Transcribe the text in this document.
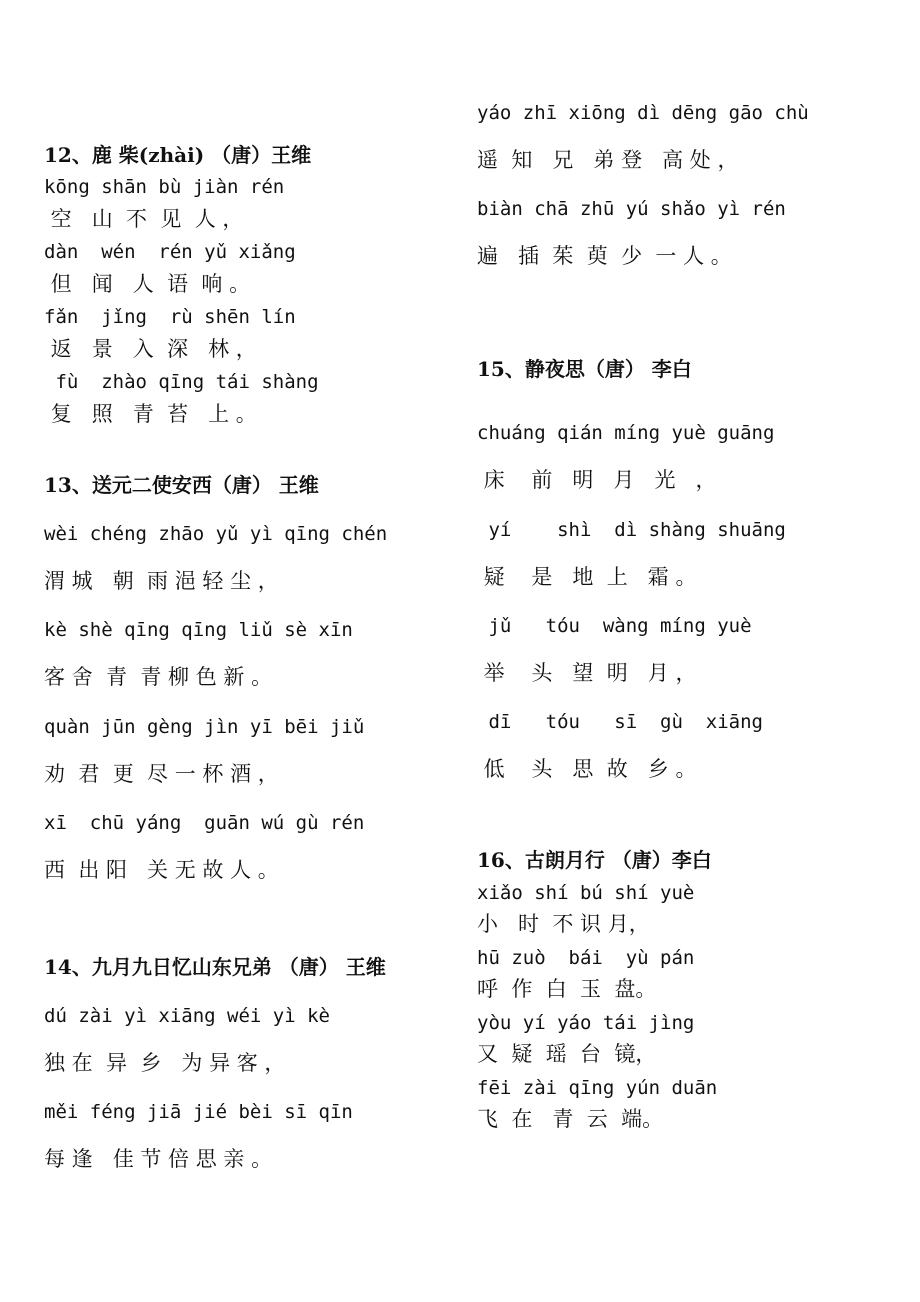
12、鹿 柴(zhài) （唐）王维
kōng shān bù jiàn rén
空   山  不  见  人 ，
dàn  wén  rén yǔ xiǎng
但   闻   人  语  响 。
fǎn  jǐng  rù shēn lín
返   景   入  深   林 ，
fù  zhào qīng tái shàng
复   照   青  苔   上 。
13、送元二使安西（唐） 王维
wèi chéng zhāo yǔ yì qīng chén
渭 城   朝  雨 浥 轻 尘 ，
kè shè qīng qīng liǔ sè xīn
客 舍  青  青 柳 色 新 。
quàn jūn gèng jìn yī bēi jiǔ
劝  君  更  尽 一 杯 酒 ，
xī  chū yáng  guān wú gù rén
西  出 阳   关 无 故 人 。
14、九月九日忆山东兄弟 （唐） 王维
dú zài yì xiāng wéi yì kè
独 在  异  乡   为 异 客 ，
měi féng jiā jié bèi sī qīn
每 逢   佳 节 倍 思 亲 。
yáo zhī xiōng dì dēng gāo chù
遥  知   兄   弟 登   高 处 ，
biàn chā zhū yú shǎo yì rén
遍   插  茱  萸  少  一 人 。
15、静夜思（唐） 李白
chuáng qián míng yuè guāng
床    前   明   月   光   ，
yí    shì  dì shàng shuāng
疑    是   地  上   霜 。
jǔ   tóu  wàng míng yuè
举    头   望  明   月 ，
dī   tóu   sī  gù  xiāng
低    头   思  故   乡 。
16、古朗月行 （唐）李白
xiǎo shí bú shí yuè
小   时  不 识 月，
hū zuò  bái  yù pán
呼  作  白  玉  盘。
yòu yí yáo tái jìng
又  疑  瑶  台  镜，
fēi zài qīng yún duān
飞  在   青  云  端。
